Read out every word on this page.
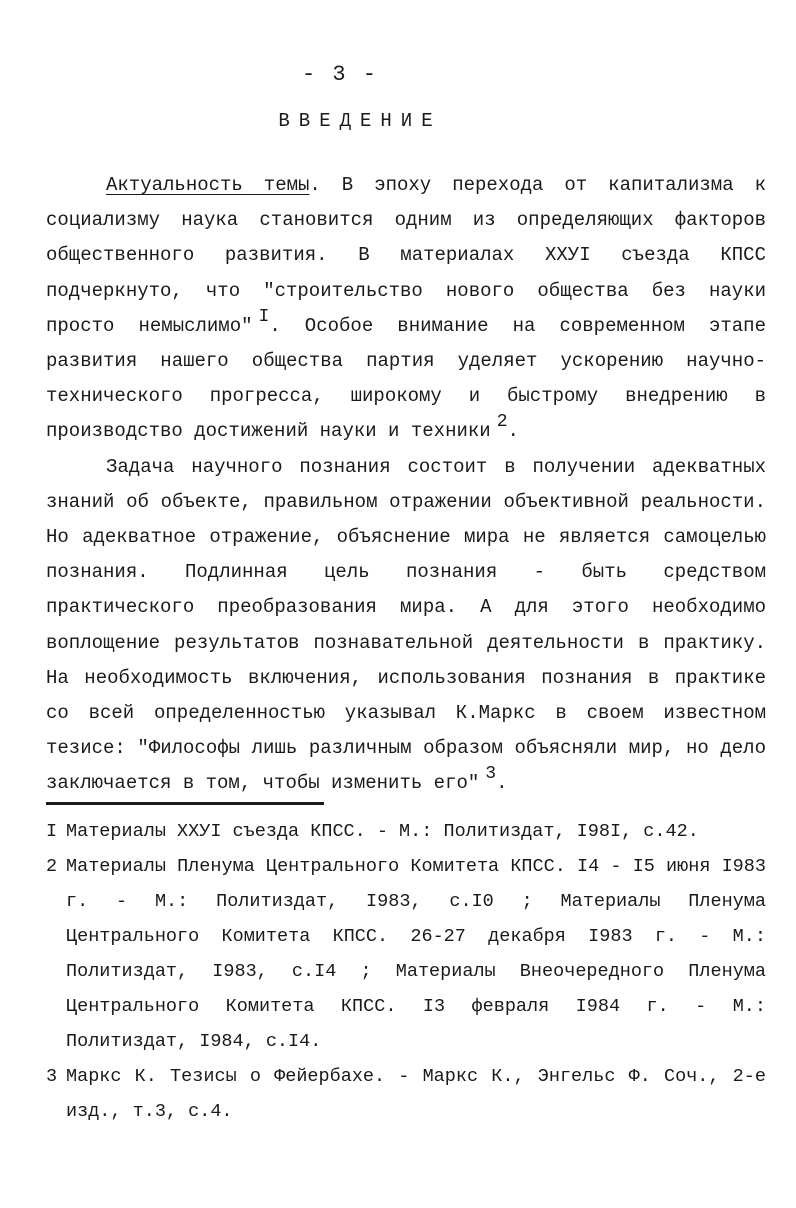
- 3 -
ВВЕДЕНИЕ

Актуальность темы. В эпоху перехода от капитализма к социализму наука становится одним из определяющих факторов общественного развития. В материалах XXУI съезда КПСС подчеркнуто, что "строительство нового общества без науки просто немыслимо" $^I$. Особое внимание на современном этапе развития нашего общества партия уделяет ускорению научно-технического прогресса, широкому и быстрому внедрению в производство достижений науки и техники $^2$.

Задача научного познания состоит в получении адекватных знаний об объекте, правильном отражении объективной реальности. Но адекватное отражение, объяснение мира не является самоцелью познания. Подлинная цель познания - быть средством практического преобразования мира. А для этого необходимо воплощение результатов познавательной деятельности в практику. На необходимость включения, использования познания в практике со всей определенностью указывал К.Маркс в своем известном тезисе: "Философы лишь различным образом объясняли мир, но дело заключается в том, чтобы изменить его" $^3$.

I Материалы XXУI съезда КПСС. - М.: Политиздат, I98I, с.42.
2 Материалы Пленума Центрального Комитета КПСС. I4 - I5 июня I983 г. - М.: Политиздат, I983, с.I0 ; Материалы Пленума Центрального Комитета КПСС. 26-27 декабря I983 г. - М.: Политиздат, I983, с.I4 ; Материалы Внеочередного Пленума Центрального Комитета КПСС. I3 февраля I984 г. - М.: Политиздат, I984, с.I4.
3 Маркс К. Тезисы о Фейербахе. - Маркс К., Энгельс Ф. Соч., 2-е изд., т.3, с.4.
